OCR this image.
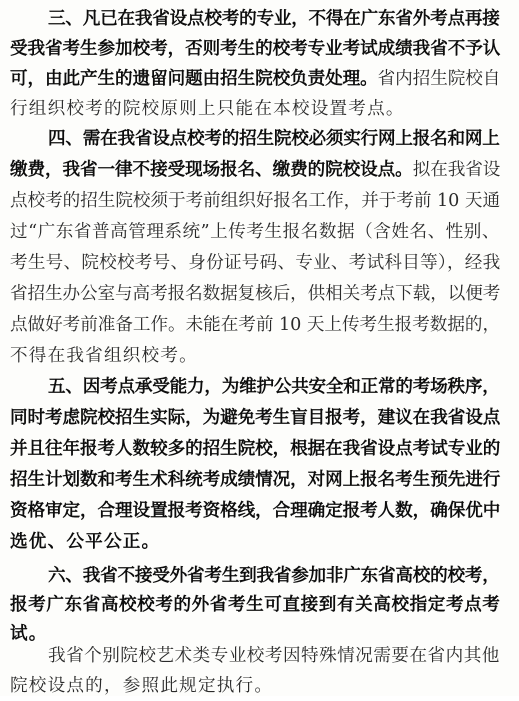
三、凡已在我省设点校考的专业，不得在广东省外考点再接
受我省考生参加校考，否则考生的校考专业考试成绩我省不予认
可，由此产生的遗留问题由招生院校负责处理。省内招生院校自
行组织校考的院校原则上只能在本校设置考点。
四、需在我省设点校考的招生院校必须实行网上报名和网上
缴费，我省一律不接受现场报名、缴费的院校设点。拟在我省设
点校考的招生院校须于考前组织好报名工作，并于考前 10 天通
过“广东省普高管理系统”上传考生报名数据（含姓名、性别、
考生号、院校校考号、身份证号码、专业、考试科目等），经我
省招生办公室与高考报名数据复核后，供相关考点下载，以便考
点做好考前准备工作。未能在考前 10 天上传考生报考数据的，
不得在我省组织校考。
五、因考点承受能力，为维护公共安全和正常的考场秩序，
同时考虑院校招生实际，为避免考生盲目报考，建议在我省设点
并且往年报考人数较多的招生院校，根据在我省设点考试专业的
招生计划数和考生术科统考成绩情况，对网上报名考生预先进行
资格审定，合理设置报考资格线，合理确定报考人数，确保优中
选优、公平公正。
六、我省不接受外省考生到我省参加非广东省高校的校考，
报考广东省高校校考的外省考生可直接到有关高校指定考点考
试。
我省个别院校艺术类专业校考因特殊情况需要在省内其他
院校设点的，参照此规定执行。
